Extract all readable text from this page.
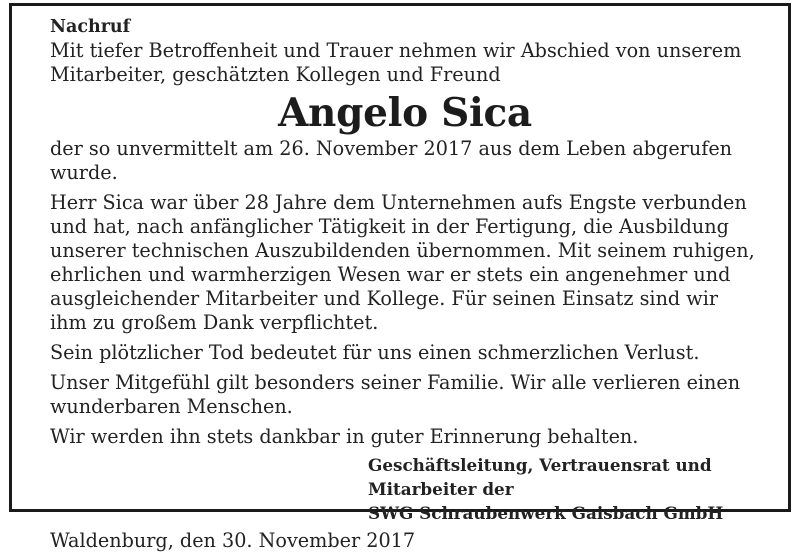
Nachruf

Mit tiefer Betroffenheit und Trauer nehmen wir Abschied von unserem Mitarbeiter, geschätzten Kollegen und Freund

Angelo Sica

der so unvermittelt am 26. November 2017 aus dem Leben abgerufen wurde.

Herr Sica war über 28 Jahre dem Unternehmen aufs Engste verbunden und hat, nach anfänglicher Tätigkeit in der Fertigung, die Ausbildung unserer technischen Auszubildenden übernommen. Mit seinem ruhigen, ehrlichen und warmherzigen Wesen war er stets ein angenehmer und ausgleichender Mitarbeiter und Kollege. Für seinen Einsatz sind wir ihm zu großem Dank verpflichtet.

Sein plötzlicher Tod bedeutet für uns einen schmerzlichen Verlust.

Unser Mitgefühl gilt besonders seiner Familie. Wir alle verlieren einen wunderbaren Menschen.

Wir werden ihn stets dankbar in guter Erinnerung behalten.

Geschäftsleitung, Vertrauensrat und
Mitarbeiter der
SWG Schraubenwerk Gaisbach GmbH

Waldenburg, den 30. November 2017
